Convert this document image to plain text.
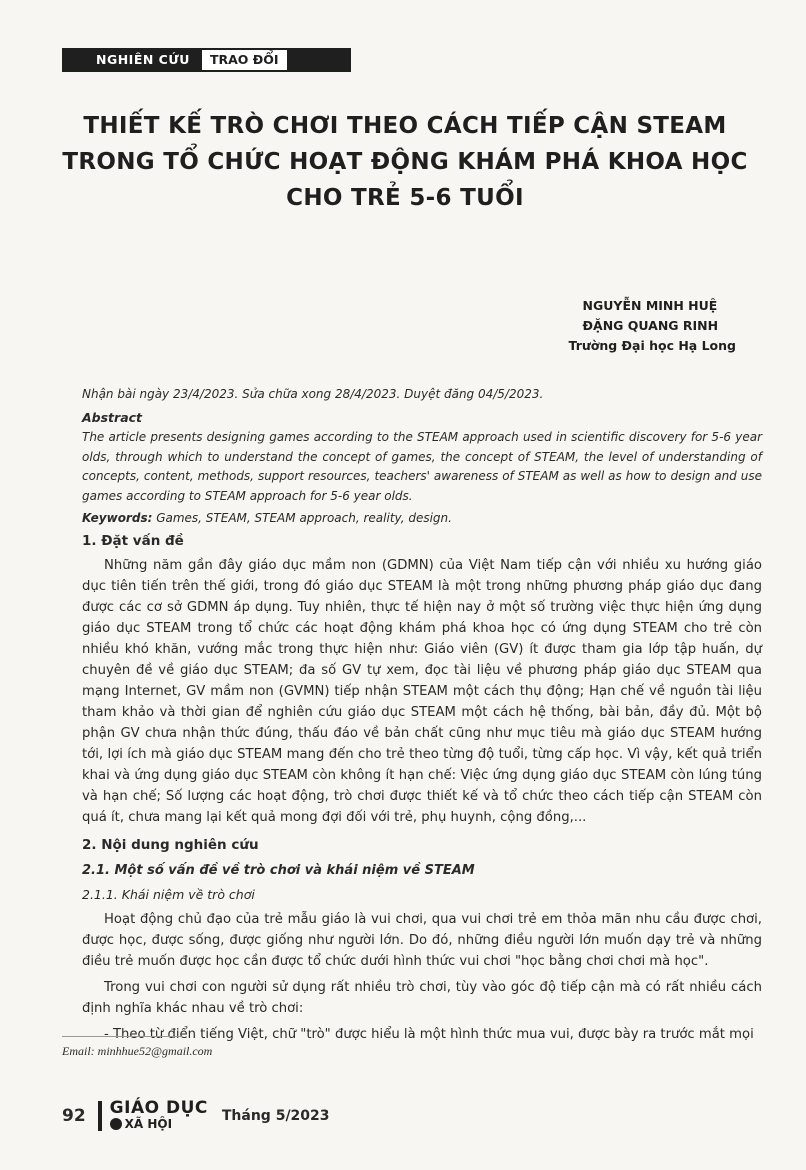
NGHIÊN CỨU	TRAO ĐỔI
THIẾT KẾ TRÒ CHƠI THEO CÁCH TIẾP CẬN STEAM
TRONG TỔ CHỨC HOẠT ĐỘNG KHÁM PHÁ KHOA HỌC
CHO TRẺ 5-6 TUỔI
NGUYỄN MINH HUỆ
ĐẶNG QUANG RINH
Trường Đại học Hạ Long
Nhận bài ngày 23/4/2023. Sửa chữa xong 28/4/2023. Duyệt đăng 04/5/2023.
Abstract
The article presents designing games according to the STEAM approach used in scientific discovery for 5-6 year olds, through which to understand the concept of games, the concept of STEAM, the level of understanding of concepts, content, methods, support resources, teachers' awareness of STEAM as well as how to design and use games according to STEAM approach for 5-6 year olds.
Keywords: Games, STEAM, STEAM approach, reality, design.
1. Đặt vấn đề

Những năm gần đây giáo dục mầm non (GDMN) của Việt Nam tiếp cận với nhiều xu hướng giáo dục tiên tiến trên thế giới, trong đó giáo dục STEAM là một trong những phương pháp giáo dục đang được các cơ sở GDMN áp dụng. Tuy nhiên, thực tế hiện nay ở một số trường việc thực hiện ứng dụng giáo dục STEAM trong tổ chức các hoạt động khám phá khoa học có ứng dụng STEAM cho trẻ còn nhiều khó khăn, vướng mắc trong thực hiện như: Giáo viên (GV) ít được tham gia lớp tập huấn, dự chuyên đề về giáo dục STEAM; đa số GV tự xem, đọc tài liệu về phương pháp giáo dục STEAM qua mạng Internet, GV mầm non (GVMN) tiếp nhận STEAM một cách thụ động; Hạn chế về nguồn tài liệu tham khảo và thời gian để nghiên cứu giáo dục STEAM một cách hệ thống, bài bản, đầy đủ. Một bộ phận GV chưa nhận thức đúng, thấu đáo về bản chất cũng như mục tiêu mà giáo dục STEAM hướng tới, lợi ích mà giáo dục STEAM mang đến cho trẻ theo từng độ tuổi, từng cấp học. Vì vậy, kết quả triển khai và ứng dụng giáo dục STEAM còn không ít hạn chế: Việc ứng dụng giáo dục STEAM còn lúng túng và hạn chế; Số lượng các hoạt động, trò chơi được thiết kế và tổ chức theo cách tiếp cận STEAM còn quá ít, chưa mang lại kết quả mong đợi đối với trẻ, phụ huynh, cộng đồng,...

2. Nội dung nghiên cứu
2.1. Một số vấn đề về trò chơi và khái niệm về STEAM
2.1.1. Khái niệm về trò chơi

Hoạt động chủ đạo của trẻ mẫu giáo là vui chơi, qua vui chơi trẻ em thỏa mãn nhu cầu được chơi, được học, được sống, được giống như người lớn. Do đó, những điều người lớn muốn dạy trẻ và những điều trẻ muốn được học cần được tổ chức dưới hình thức vui chơi "học bằng chơi chơi mà học".

Trong vui chơi con người sử dụng rất nhiều trò chơi, tùy vào góc độ tiếp cận mà có rất nhiều cách định nghĩa khác nhau về trò chơi:

- Theo từ điển tiếng Việt, chữ "trò" được hiểu là một hình thức mua vui, được bày ra trước mắt mọi

Email: minhhue52@gmail.com
92 GIÁO DỤC
XÃ HỘI	Tháng 5/2023
